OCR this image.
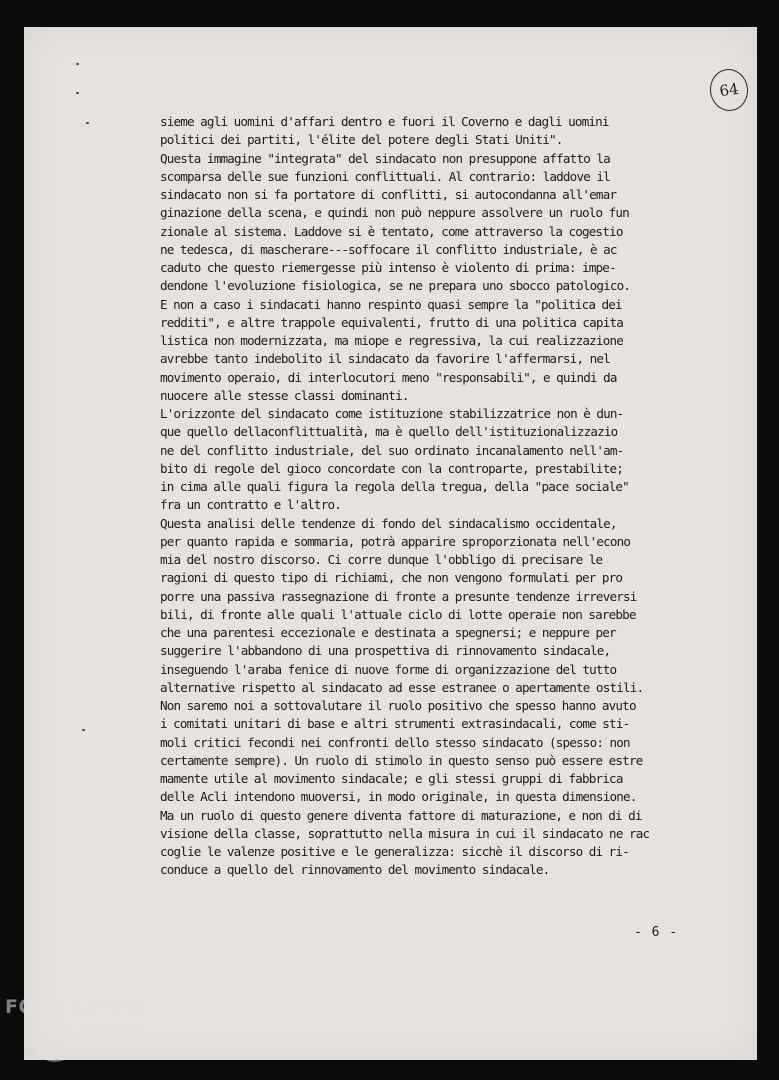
64
sieme agli uomini d'affari dentro e fuori il Coverno e dagli uomini
politici dei partiti, l'élite del potere degli Stati Uniti".
Questa immagine "integrata" del sindacato non presuppone affatto la
scomparsa delle sue funzioni conflittuali. Al contrario: laddove il
sindacato non si fa portatore di conflitti, si autocondanna all'emar
ginazione della scena, e quindi non può neppure assolvere un ruolo fun
zionale al sistema. Laddove si è tentato, come attraverso la cogestio
ne tedesca, di mascherare---soffocare il conflitto industriale, è ac
caduto che questo riemergesse più intenso è violento di prima: impe-
dendone l'evoluzione fisiologica, se ne prepara uno sbocco patologico.
E non a caso i sindacati hanno respinto quasi sempre la "politica dei
redditi", e altre trappole equivalenti, frutto di una politica capita
listica non modernizzata, ma miope e regressiva, la cui realizzazione
avrebbe tanto indebolito il sindacato da favorire l'affermarsi, nel
movimento operaio, di interlocutori meno "responsabili", e quindi da
nuocere alle stesse classi dominanti.
L'orizzonte del sindacato come istituzione stabilizzatrice non è dun-
que quello dellaconflittualità, ma è quello dell'istituzionalizzazio
ne del conflitto industriale, del suo ordinato incanalamento nell'am-
bito di regole del gioco concordate con la controparte, prestabilite;
in cima alle quali figura la regola della tregua, della "pace sociale"
fra un contratto e l'altro.
Questa analisi delle tendenze di fondo del sindacalismo occidentale,
per quanto rapida e sommaria, potrà apparire sproporzionata nell'econo
mia del nostro discorso. Ci corre dunque l'obbligo di precisare le
ragioni di questo tipo di richiami, che non vengono formulati per pro
porre una passiva rassegnazione di fronte a presunte tendenze irreversi
bili, di fronte alle quali l'attuale ciclo di lotte operaie non sarebbe
che una parentesi eccezionale e destinata a spegnersi; e neppure per
suggerire l'abbandono di una prospettiva di rinnovamento sindacale,
inseguendo l'araba fenice di nuove forme di organizzazione del tutto
alternative rispetto al sindacato ad esse estranee o apertamente ostili.
Non saremo noi a sottovalutare il ruolo positivo che spesso hanno avuto
i comitati unitari di base e altri strumenti extrasindacali, come sti-
moli critici fecondi nei confronti dello stesso sindacato (spesso: non
certamente sempre). Un ruolo di stimolo in questo senso può essere estre
mamente utile al movimento sindacale; e gli stessi gruppi di fabbrica
delle Acli intendono muoversi, in modo originale, in questa dimensione.
Ma un ruolo di questo genere diventa fattore di maturazione, e non di di
visione della classe, soprattutto nella misura in cui il sindacato ne rac
coglie le valenze positive e le generalizza: sicchè il discorso di ri-
conduce a quello del rinnovamento del movimento sindacale.
- 6 -
FONDAZIONE
GRAMSCI
onlus
